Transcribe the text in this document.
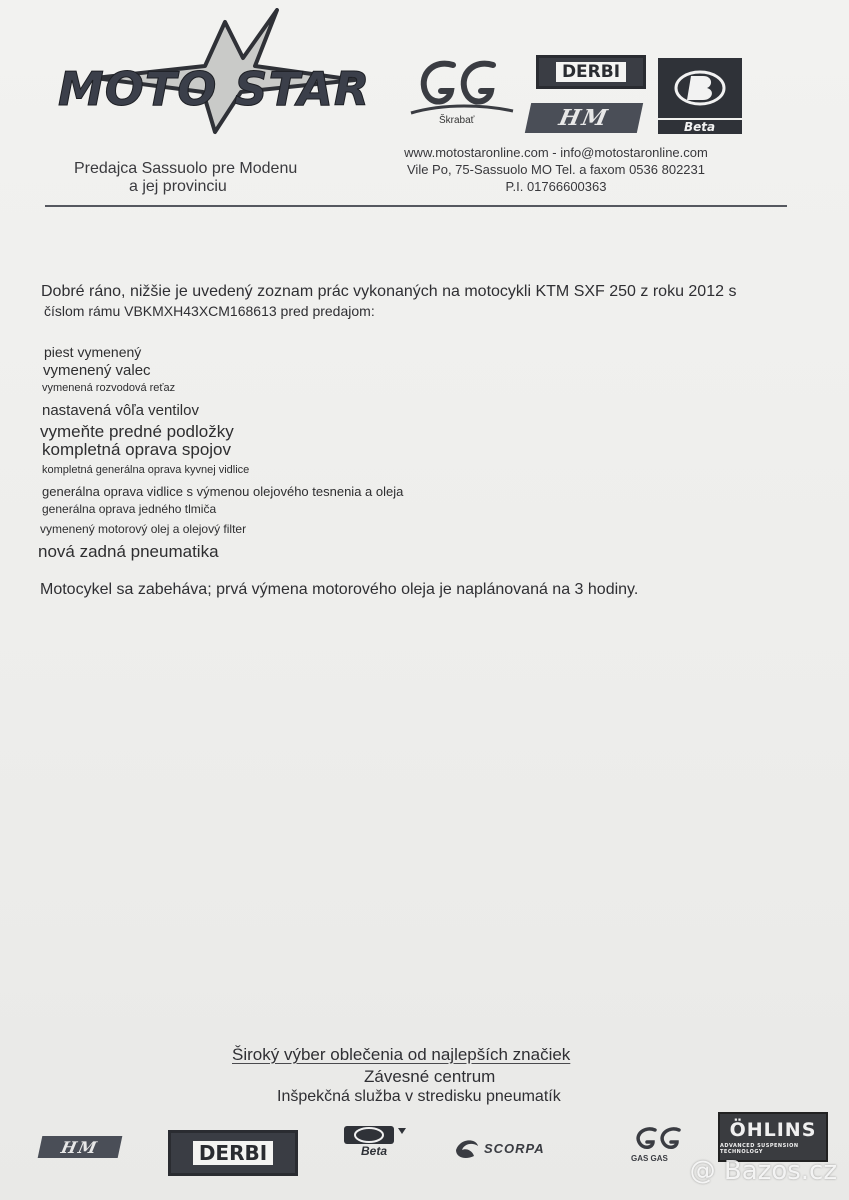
MOTO STAR
Predajca Sassuolo pre Modenu
a jej provinciu
Škrabať
DERBI
HM	Beta
www.motostaronline.com - info@motostaronline.com
Vile Po, 75-Sassuolo MO Tel. a faxom 0536 802231
P.I. 01766600363
Dobré ráno, nižšie je uvedený zoznam prác vykonaných na motocykli KTM SXF 250 z roku 2012 s
číslom rámu VBKMXH43XCM168613 pred predajom:
piest vymenený
vymenený valec
vymenená rozvodová reťaz
nastavená vôľa ventilov
vymeňte predné podložky
kompletná oprava spojov
kompletná generálna oprava kyvnej vidlice
generálna oprava vidlice s výmenou olejového tesnenia a oleja
generálna oprava jedného tlmiča
vymenený motorový olej a olejový filter
nová zadná pneumatika
Motocykel sa zabeháva; prvá výmena motorového oleja je naplánovaná na 3 hodiny.
Široký výber oblečenia od najlepších značiek
Závesné centrum
Inšpekčná služba v stredisku pneumatík
HM	DERBI	Beta	SCORPA
GAS GAS
ÖHLINS
ADVANCED SUSPENSION TECHNOLOGY
@ Bazos.cz
